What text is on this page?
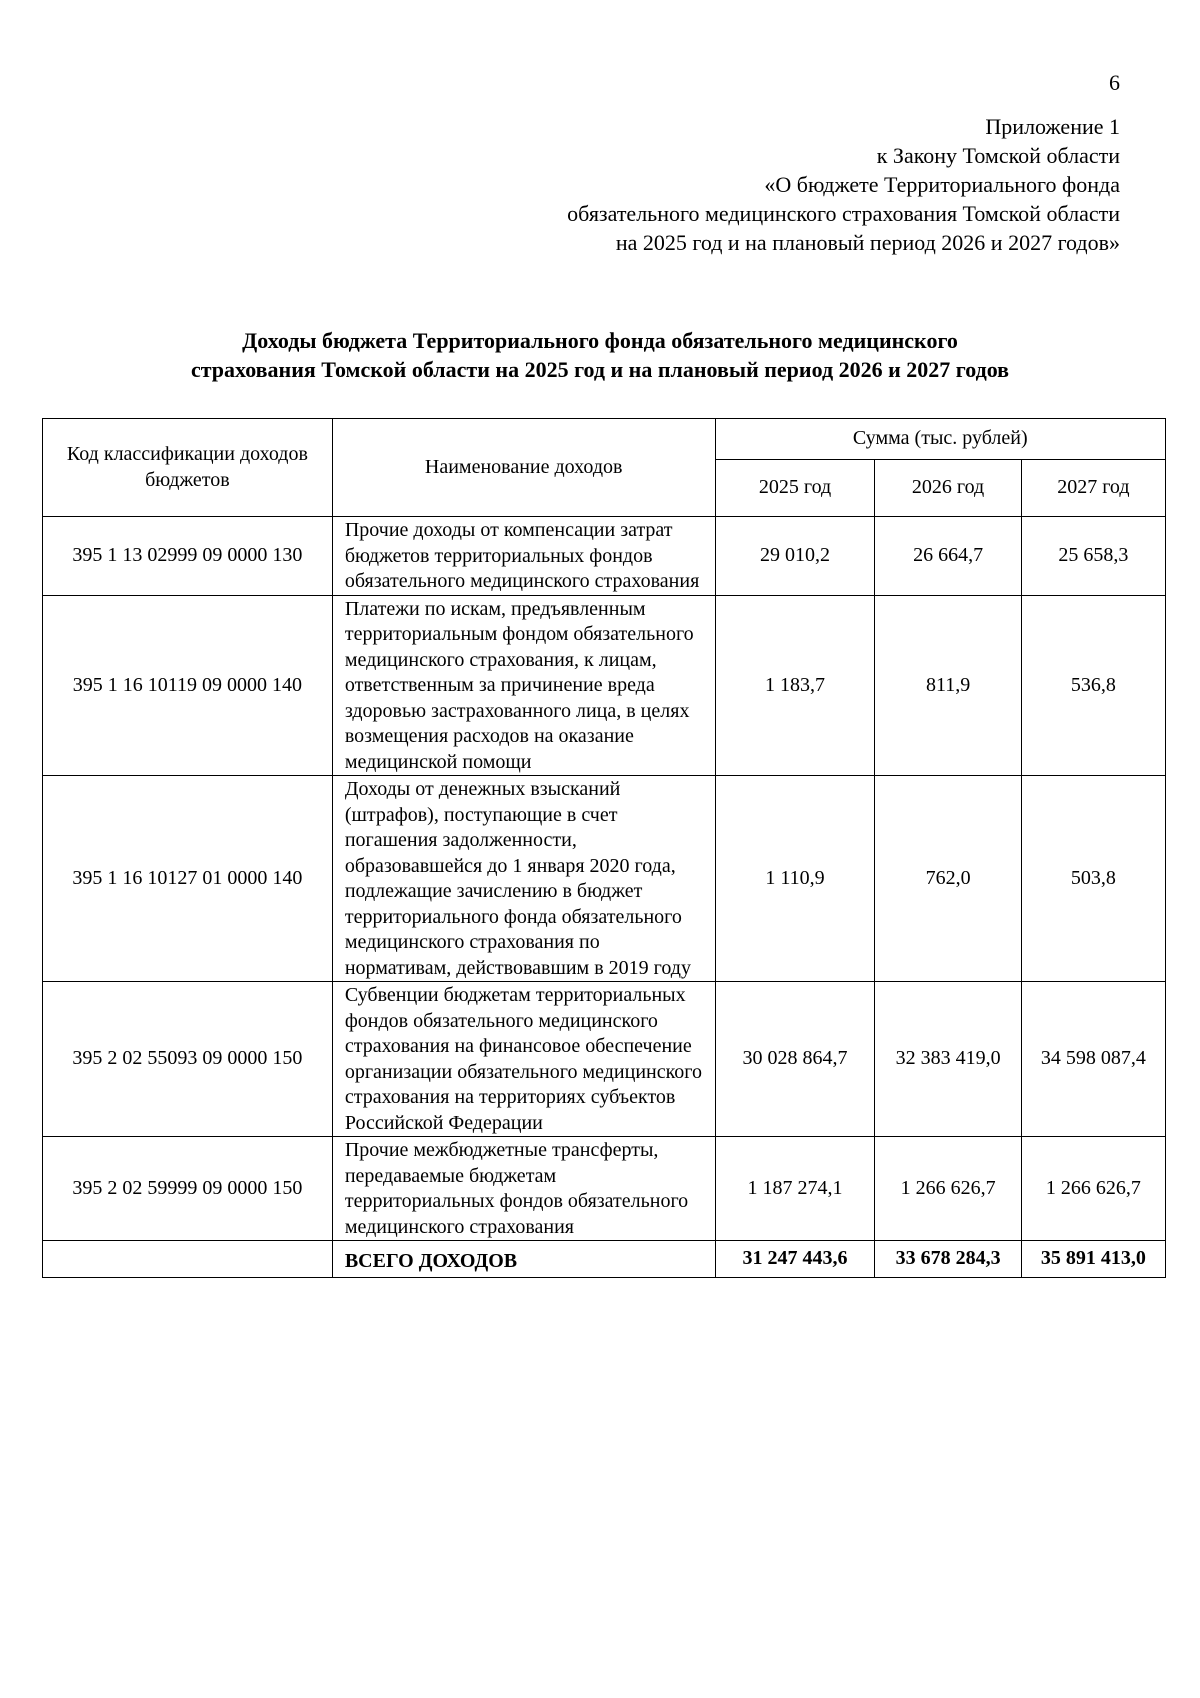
6
Приложение 1
к Закону Томской области
«О бюджете Территориального фонда
обязательного медицинского страхования Томской области
на 2025 год и на плановый период 2026 и 2027 годов»
Доходы бюджета Территориального фонда обязательного медицинского
страхования Томской области на 2025 год и на плановый период 2026 и 2027 годов
Код классификации доходов бюджетов	Наименование доходов	Сумма (тыс. рублей)		
		2025 год	2026 год	2027 год
395 1 13 02999 09 0000 130	Прочие доходы от компенсации затрат бюджетов территориальных фондов обязательного медицинского страхования	29 010,2	26 664,7	25 658,3
395 1 16 10119 09 0000 140	Платежи по искам, предъявленным территориальным фондом обязательного медицинского страхования, к лицам, ответственным за причинение вреда здоровью застрахованного лица, в целях возмещения расходов на оказание медицинской помощи	1 183,7	811,9	536,8
395 1 16 10127 01 0000 140	Доходы от денежных взысканий (штрафов), поступающие в счет погашения задолженности, образовавшейся до 1 января 2020 года, подлежащие зачислению в бюджет территориального фонда обязательного медицинского страхования по нормативам, действовавшим в 2019 году	1 110,9	762,0	503,8
395 2 02 55093 09 0000 150	Субвенции бюджетам территориальных фондов обязательного медицинского страхования на финансовое обеспечение организации обязательного медицинского страхования на территориях субъектов Российской Федерации	30 028 864,7	32 383 419,0	34 598 087,4
395 2 02 59999 09 0000 150	Прочие межбюджетные трансферты, передаваемые бюджетам территориальных фондов обязательного медицинского страхования	1 187 274,1	1 266 626,7	1 266 626,7
	ВСЕГО ДОХОДОВ	31 247 443,6	33 678 284,3	35 891 413,0
